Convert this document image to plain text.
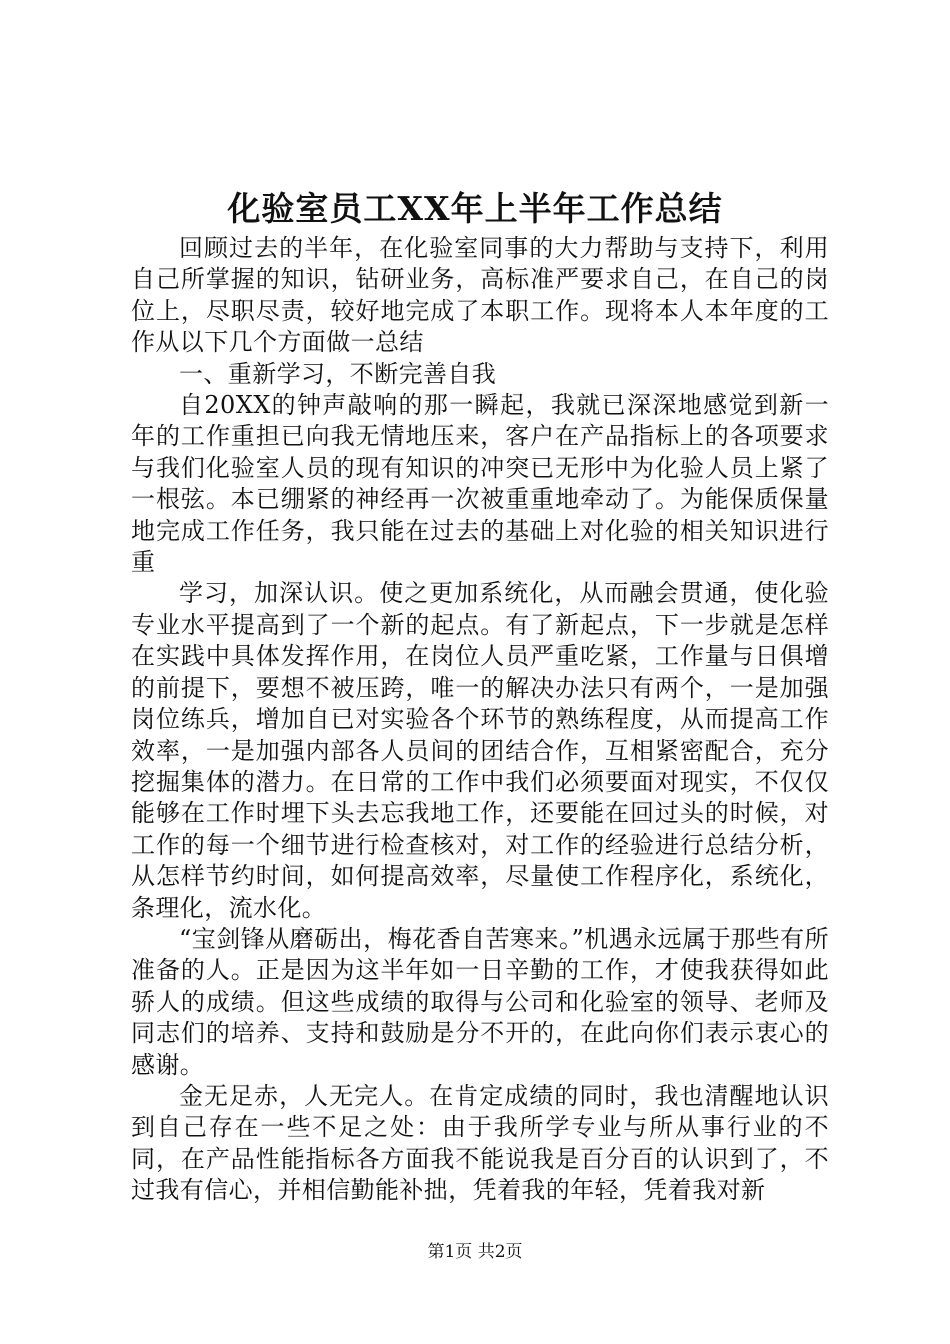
化验室员工XX年上半年工作总结

回顾过去的半年，在化验室同事的大力帮助与支持下，利用自己所掌握的知识，钻研业务，高标准严要求自己，在自己的岗位上，尽职尽责，较好地完成了本职工作。现将本人本年度的工作从以下几个方面做一总结

一、重新学习，不断完善自我

自20XX的钟声敲响的那一瞬起，我就已深深地感觉到新一年的工作重担已向我无情地压来，客户在产品指标上的各项要求与我们化验室人员的现有知识的冲突已无形中为化验人员上紧了一根弦。本已绷紧的神经再一次被重重地牵动了。为能保质保量地完成工作任务，我只能在过去的基础上对化验的相关知识进行重

学习，加深认识。使之更加系统化，从而融会贯通，使化验专业水平提高到了一个新的起点。有了新起点，下一步就是怎样在实践中具体发挥作用，在岗位人员严重吃紧，工作量与日俱增的前提下，要想不被压跨，唯一的解决办法只有两个，一是加强岗位练兵，增加自已对实验各个环节的熟练程度，从而提高工作效率，一是加强内部各人员间的团结合作，互相紧密配合，充分挖掘集体的潜力。在日常的工作中我们必须要面对现实，不仅仅能够在工作时埋下头去忘我地工作，还要能在回过头的时候，对工作的每一个细节进行检查核对，对工作的经验进行总结分析，从怎样节约时间，如何提高效率，尽量使工作程序化，系统化，条理化，流水化。

“宝剑锋从磨砺出，梅花香自苦寒来。”机遇永远属于那些有所准备的人。正是因为这半年如一日辛勤的工作，才使我获得如此骄人的成绩。但这些成绩的取得与公司和化验室的领导、老师及同志们的培养、支持和鼓励是分不开的，在此向你们表示衷心的感谢。

金无足赤，人无完人。在肯定成绩的同时，我也清醒地认识到自己存在一些不足之处：由于我所学专业与所从事行业的不同，在产品性能指标各方面我不能说我是百分百的认识到了，不过我有信心，并相信勤能补拙，凭着我的年轻，凭着我对新

第1页 共2页
